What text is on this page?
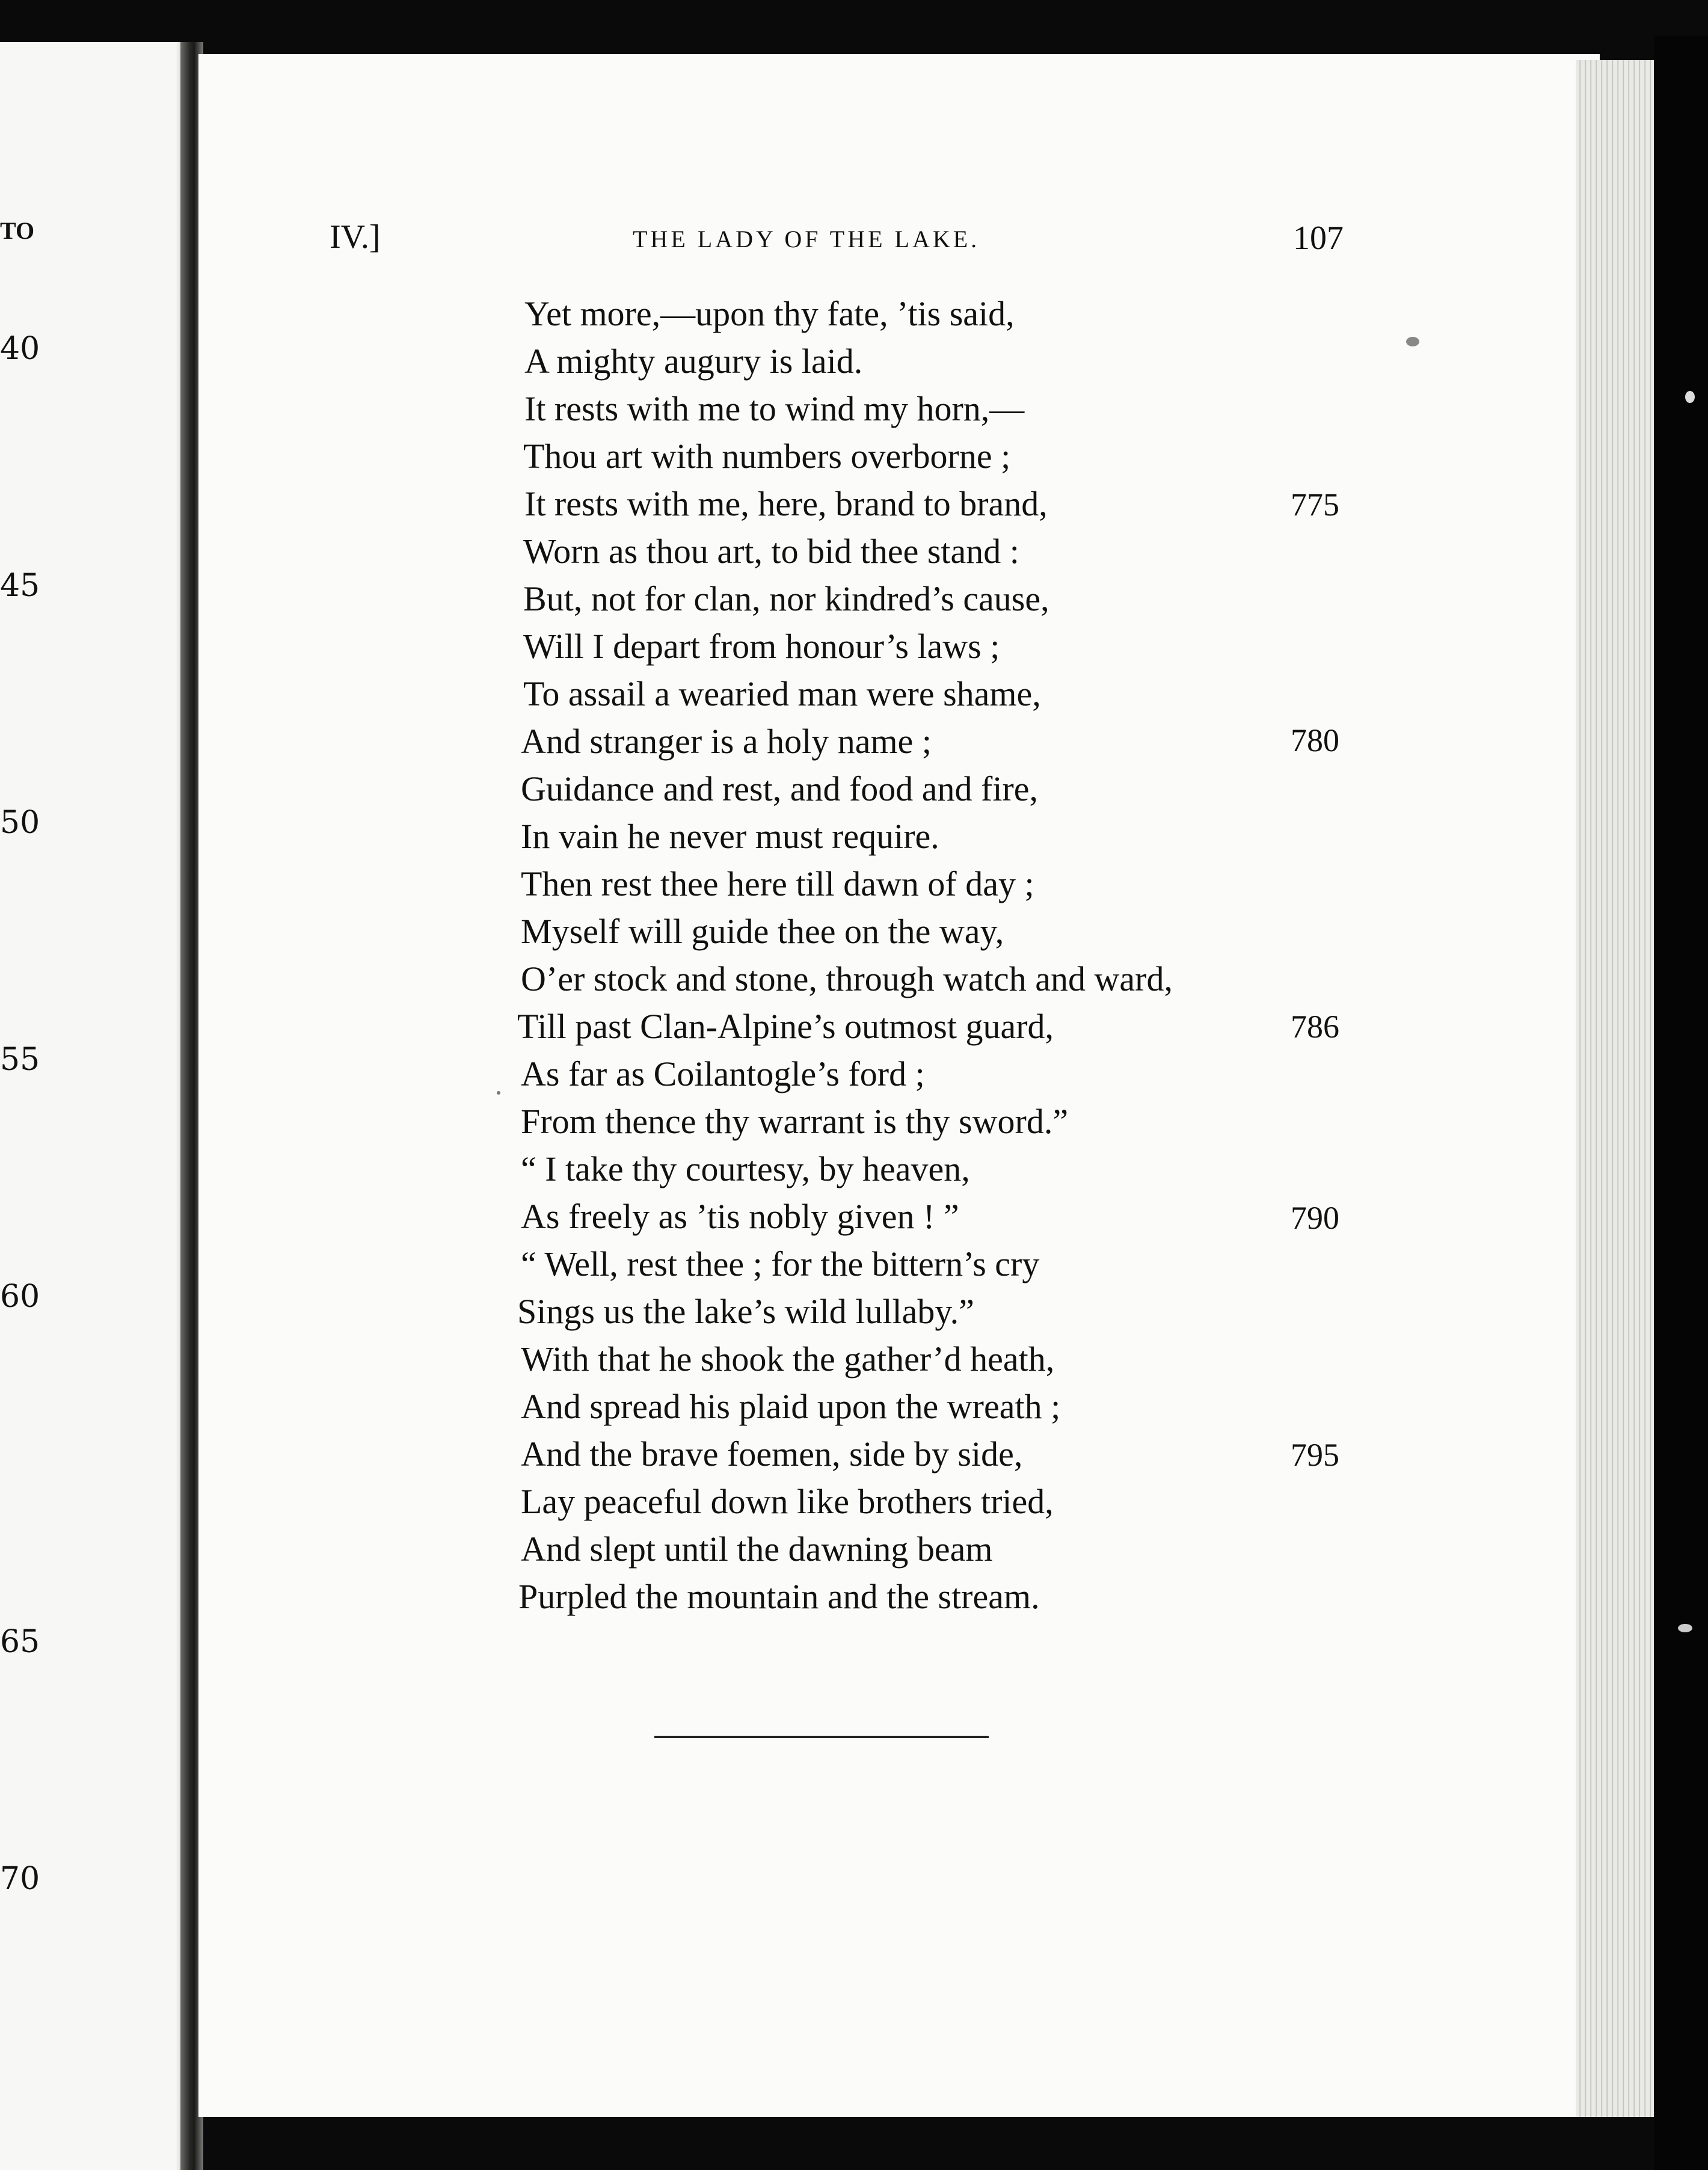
TO
40
45
50
55
60
65
70
IV.]	THE LADY OF THE LAKE.	107
Yet more,—upon thy fate, ’tis said,
A mighty augury is laid.
It rests with me to wind my horn,—
Thou art with numbers overborne ;
It rests with me, here, brand to brand,
Worn as thou art, to bid thee stand :
But, not for clan, nor kindred’s cause,
Will I depart from honour’s laws ;
To assail a wearied man were shame,
And stranger is a holy name ;
Guidance and rest, and food and fire,
In vain he never must require.
Then rest thee here till dawn of day ;
Myself will guide thee on the way,
O’er stock and stone, through watch and ward,
Till past Clan-Alpine’s outmost guard,
As far as Coilantogle’s ford ;
From thence thy warrant is thy sword.”
“ I take thy courtesy, by heaven,
As freely as ’tis nobly given ! ”
“ Well, rest thee ; for the bittern’s cry
Sings us the lake’s wild lullaby.”
With that he shook the gather’d heath,
And spread his plaid upon the wreath ;
And the brave foemen, side by side,
Lay peaceful down like brothers tried,
And slept until the dawning beam
Purpled the mountain and the stream.
775
780
786
790
795
